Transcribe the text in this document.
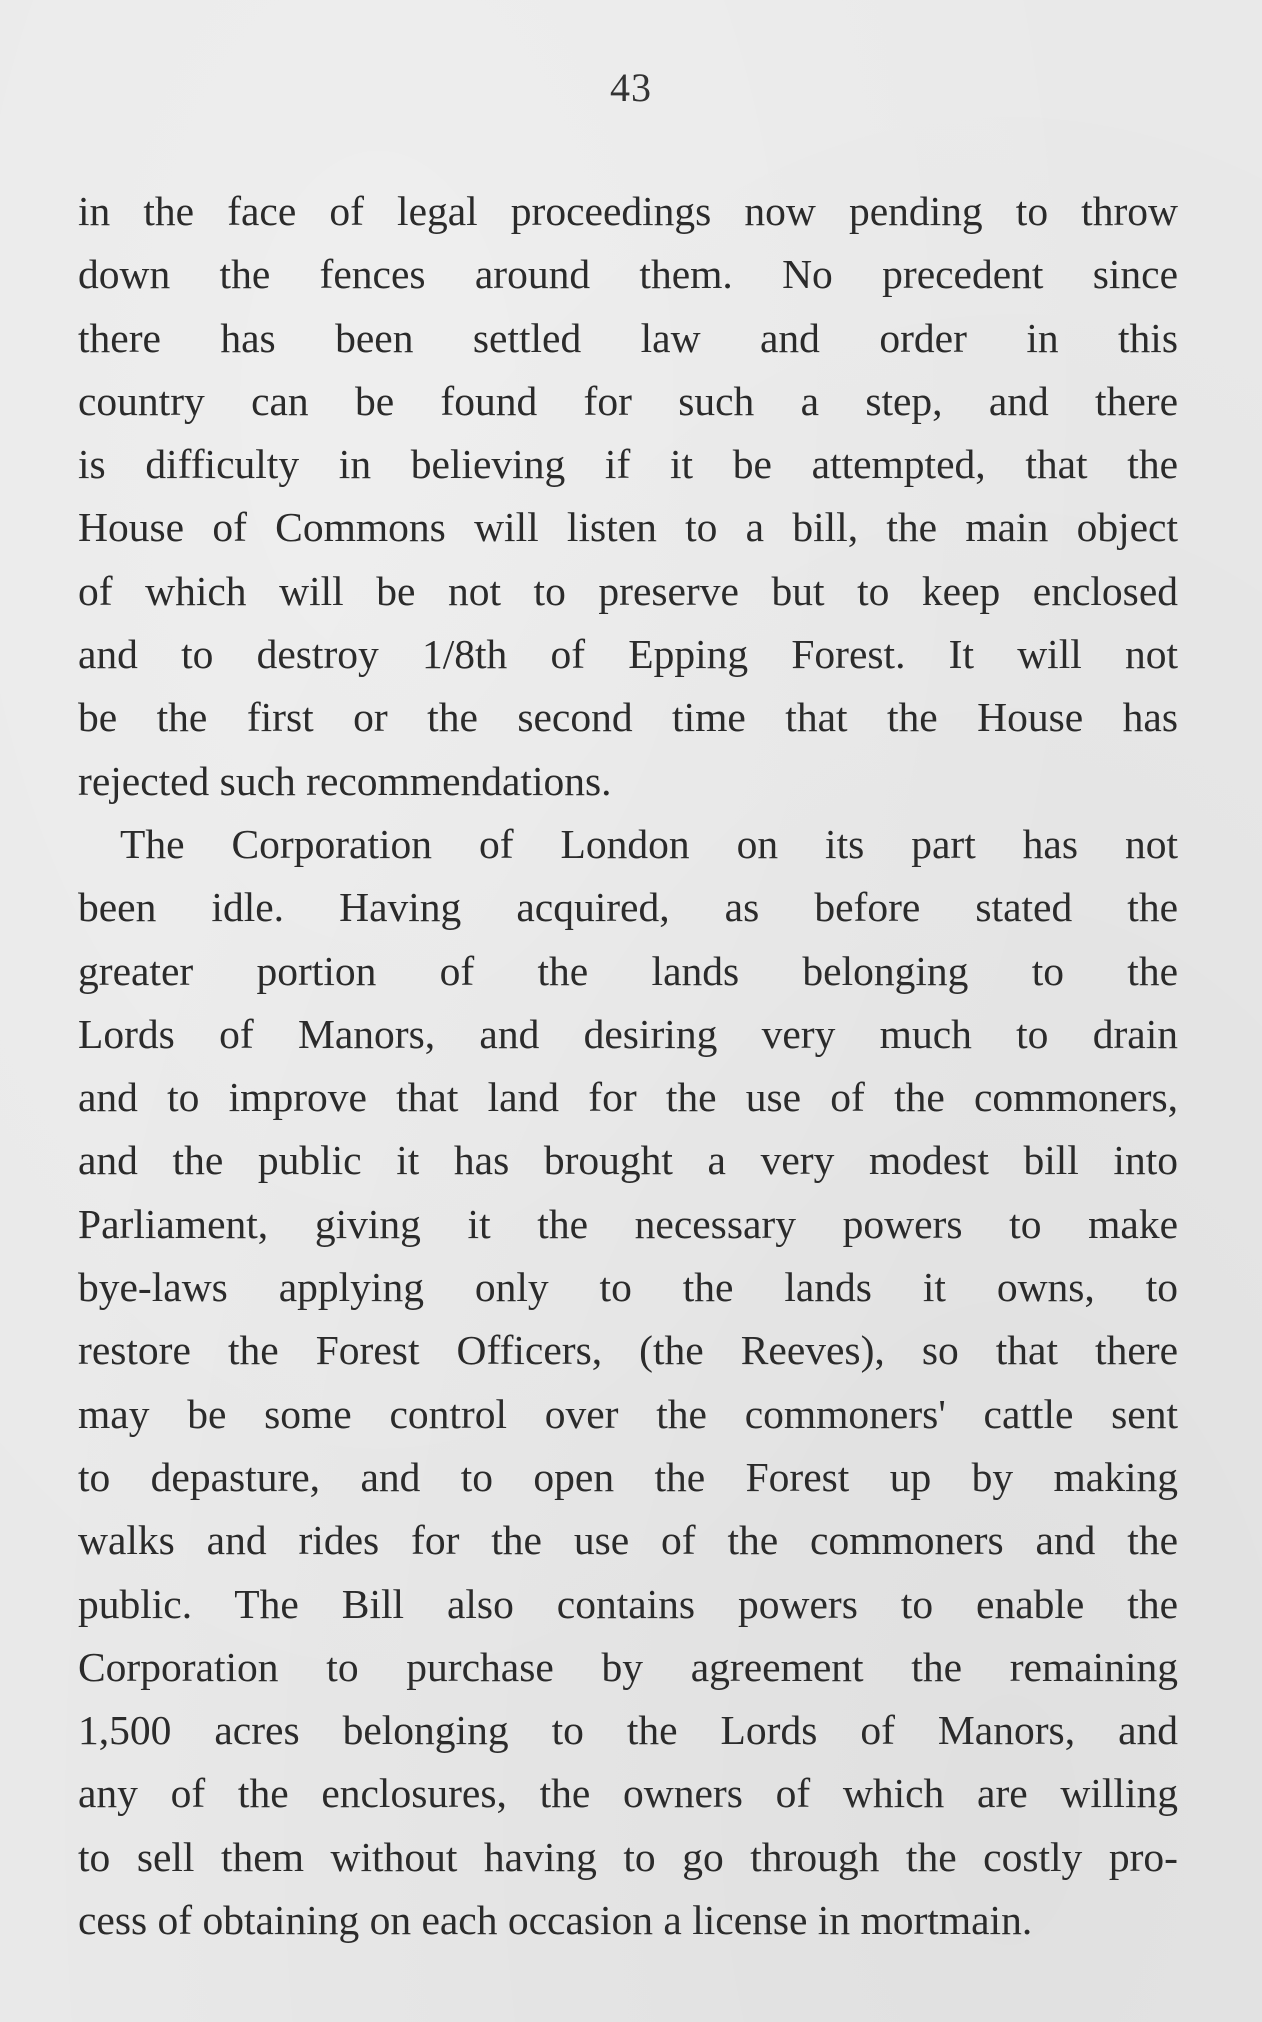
43
in the face of legal proceedings now pending to throw
down the fences around them. No precedent since
there has been settled law and order in this
country can be found for such a step, and there
is difficulty in believing if it be attempted, that the
House of Commons will listen to a bill, the main object
of which will be not to preserve but to keep enclosed
and to destroy 1/8th of Epping Forest. It will not
be the first or the second time that the House has
rejected such recommendations.
The Corporation of London on its part has not
been idle. Having acquired, as before stated the
greater portion of the lands belonging to the
Lords of Manors, and desiring very much to drain
and to improve that land for the use of the commoners,
and the public it has brought a very modest bill into
Parliament, giving it the necessary powers to make
bye-laws applying only to the lands it owns, to
restore the Forest Officers, (the Reeves), so that there
may be some control over the commoners' cattle sent
to depasture, and to open the Forest up by making
walks and rides for the use of the commoners and the
public. The Bill also contains powers to enable the
Corporation to purchase by agreement the remaining
1,500 acres belonging to the Lords of Manors, and
any of the enclosures, the owners of which are willing
to sell them without having to go through the costly pro-
cess of obtaining on each occasion a license in mortmain.
